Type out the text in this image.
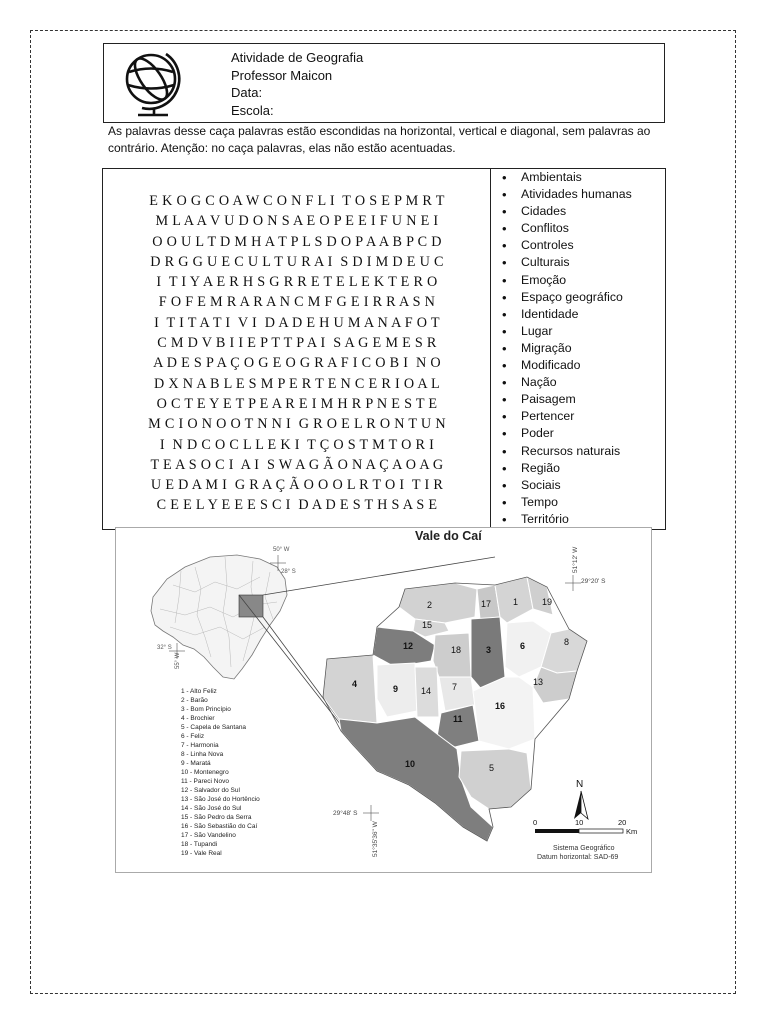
Atividade de Geografia
Professor Maicon
Data:
Escola:
As palavras desse caça palavras estão escondidas na horizontal, vertical e diagonal, sem palavras ao contrário. Atenção: no caça palavras, elas não estão acentuadas.
E K O G C O A W C O N F L I  T O S E P M R T
M L A A V U D O N S A E O P E E I F U N E I
O O U L T D M H A T P L S D O P A A B P C D
D R G G U E C U L T U R A I  S D I M D E U C
I  T I Y A E R H S G R R E T E L E K T E R O
F O F E M R A R A N C M F G E I R R A S N
I  T I T A T I  V I  D A D E H U M A N A F O T
C M D V B I I E P T T P A I  S A G E M E S R
A D E S P A Ç O G E O G R A F I C O B I  N O
D X N A B L E S M P E R T E N C E R I O A L
O C T E Y E T P E A R E I M H R P N E S T E
M C I O N O O T N N I  G R O E L R O N T U N
I  N D C O C L L E K I  T Ç O S T M T O R I
T E A S O C I  A I  S W A G Ã O N A Ç A O A G
U E D A M I  G R A Ç Ã O O O L R T O I  T I R
C E E L Y E E E S C I  D A D E S T H S A S E
• Ambientais
• Atividades humanas
• Cidades
• Conflitos
• Controles
• Culturais
• Emoção
• Espaço geográfico
• Identidade
• Lugar
• Migração
• Modificado
• Nação
• Paisagem
• Pertencer
• Poder
• Recursos naturais
• Região
• Sociais
• Tempo
• Território
Vale do Caí
50° W
28° S
32° S
55° W
51°12' W
29°20' S
29°48' S
51°35'36" W
2	17 1	19
15
12	18	3	6	8
13
4	9	14 7
11
16
10	5
1 - Alto Feliz
2 - Barão
3 - Bom Princípio
4 - Brochier
5 - Capela de Santana
6 - Feliz
7 - Harmonia
8 - Linha Nova
9 - Maratá
10 - Montenegro
11 - Pareci Novo
12 - Salvador do Sul
13 - São José do Hortêncio
14 - São José do Sul
15 - São Pedro da Serra
16 - São Sebastião do Caí
17 - São Vandelino
18 - Tupandi
19 - Vale Real
N
0	10	20
Km
Sistema Geográfico
Datum horizontal: SAD-69
